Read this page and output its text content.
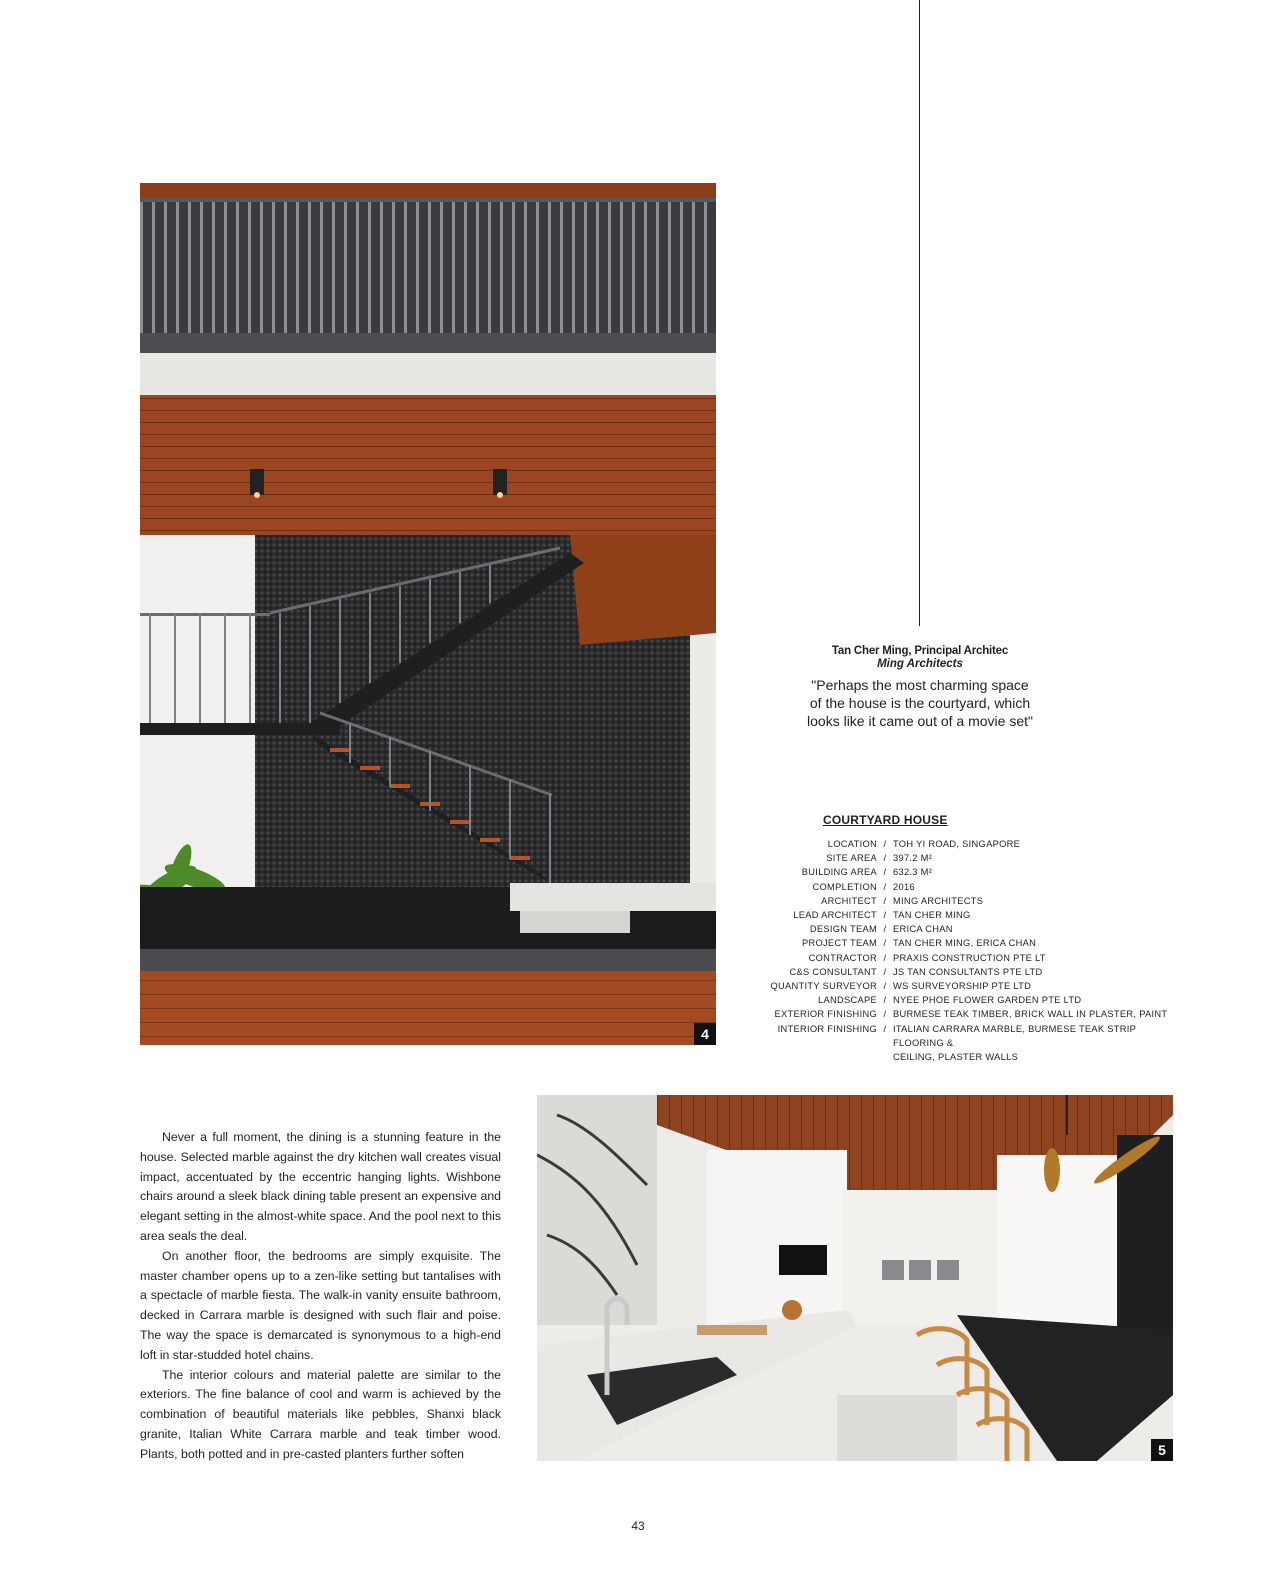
4
Tan Cher Ming, Principal Architec
Ming Architects
"Perhaps the most charming space
of the house is the courtyard, which
looks like it came out of a movie set"
COURTYARD HOUSE
LOCATION / TOH YI ROAD, SINGAPORE
SITE AREA / 397.2 M²
BUILDING AREA / 632.3 M²
COMPLETION / 2016
ARCHITECT / MING ARCHITECTS
LEAD ARCHITECT / TAN CHER MING
DESIGN TEAM / ERICA CHAN
PROJECT TEAM / TAN CHER MING, ERICA CHAN
CONTRACTOR / PRAXIS CONSTRUCTION PTE LT
C&S CONSULTANT / JS TAN CONSULTANTS PTE LTD
QUANTITY SURVEYOR / WS SURVEYORSHIP PTE LTD
LANDSCAPE / NYEE PHOE FLOWER GARDEN PTE LTD
EXTERIOR FINISHING / BURMESE TEAK TIMBER, BRICK WALL IN PLASTER, PAINT
INTERIOR FINISHING / ITALIAN CARRARA MARBLE, BURMESE TEAK STRIP FLOORING &
CEILING, PLASTER WALLS
5

Never a full moment, the dining is a stunning feature in the house. Selected marble against the dry kitchen wall creates visual impact, accentuated by the eccentric hanging lights. Wishbone chairs around a sleek black dining table present an expensive and elegant setting in the almost-white space. And the pool next to this area seals the deal.

On another floor, the bedrooms are simply exquisite. The master chamber opens up to a zen-like setting but tantalises with a spectacle of marble fiesta. The walk-in vanity ensuite bathroom, decked in Carrara marble is designed with such flair and poise. The way the space is demarcated is synonymous to a high-end loft in star-studded hotel chains.

The interior colours and material palette are similar to the exteriors. The fine balance of cool and warm is achieved by the combination of beautiful materials like pebbles, Shanxi black granite, Italian White Carrara marble and teak timber wood. Plants, both potted and in pre-casted planters further soften

43
